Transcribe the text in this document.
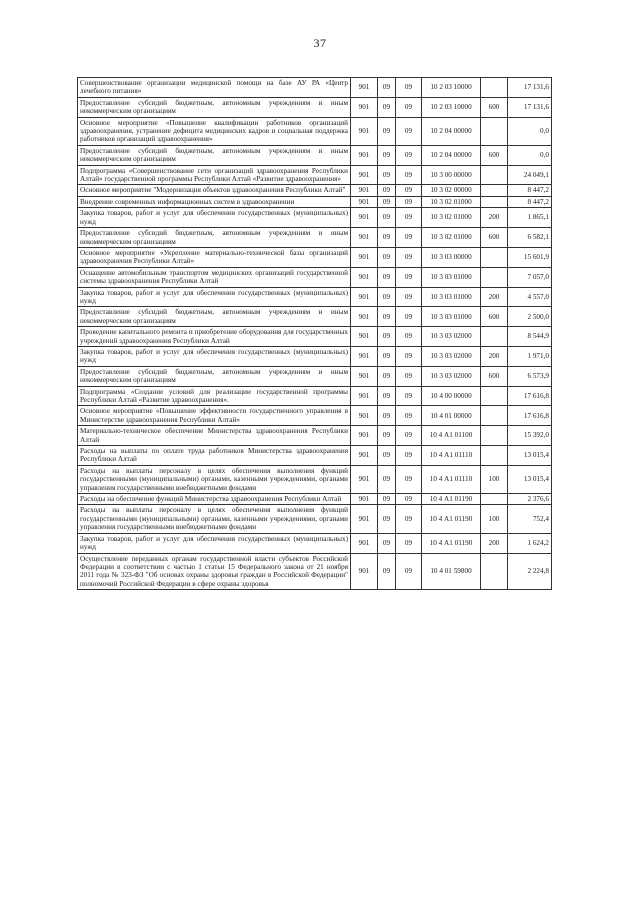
37
Совершенствование организации медицинской помощи на базе АУ РА «Центр лечебного питания»	901	09	09	10 2 03 10000		17 131,6
Предоставление субсидий бюджетным, автономным учреждениям и иным некоммерческим организациям	901	09	09	10 2 03 10000	600	17 131,6
Основное мероприятие «Повышение квалификации работников организаций здравоохранения, устранение дефицита медицинских кадров и социальная поддержка работников организаций здравоохранения»	901	09	09	10 2 04 00000		0,0
Предоставление субсидий бюджетным, автономным учреждениям и иным некоммерческим организациям	901	09	09	10 2 04 00000	600	0,0
Подпрограмма «Совершенствование сети организаций здравоохранения Республики Алтай» государственной программы Республики Алтай «Развитие здравоохранения»	901	09	09	10 3 00 00000		24 049,1
Основное мероприятие "Модернизация объектов здравоохранения Республики Алтай"	901	09	09	10 3 02 00000		8 447,2
Внедрение современных информационных систем в здравоохранении	901	09	09	10 3 02 01000		8 447,2
Закупка товаров, работ и услуг для обеспечения государственных (муниципальных) нужд	901	09	09	10 3 02 01000	200	1 865,1
Предоставление субсидий бюджетным, автономным учреждениям и иным некоммерческим организациям	901	09	09	10 3 02 01000	600	6 582,1
Основное мероприятие «Укрепление материально-технической базы организаций здравоохранения Республики Алтай»	901	09	09	10 3 03 00000		15 601,9
Оснащение автомобильным транспортом медицинских организаций государственной системы здравоохранения Республики Алтай	901	09	09	10 3 03 01000		7 057,0
Закупка товаров, работ и услуг для обеспечения государственных (муниципальных) нужд	901	09	09	10 3 03 01000	200	4 557,0
Предоставление субсидий бюджетным, автономным учреждениям и иным некоммерческим организациям	901	09	09	10 3 03 01000	600	2 500,0
Проведение капитального ремонта и приобретение оборудования для государственных учреждений здравоохранения Республики Алтай	901	09	09	10 3 03 02000		8 544,9
Закупка товаров, работ и услуг для обеспечения государственных (муниципальных) нужд	901	09	09	10 3 03 02000	200	1 971,0
Предоставление субсидий бюджетным, автономным учреждениям и иным некоммерческим организациям	901	09	09	10 3 03 02000	600	6 573,9
Подпрограмма «Создание условий для реализации государственной программы Республики Алтай «Развитие здравоохранения».	901	09	09	10 4 00 00000		17 616,8
Основное мероприятие «Повышение эффективности государственного управления в Министерстве здравоохранения Республики Алтай»	901	09	09	10 4 01 00000		17 616,8
Материально-техническое обеспечение Министерства здравоохранения Республики Алтай	901	09	09	10 4 А1 01100		15 392,0
Расходы на выплаты по оплате труда работников Министерства здравоохранения Республики Алтай	901	09	09	10 4 А1 01110		13 015,4
Расходы на выплаты персоналу в целях обеспечения выполнения функций государственными (муниципальными) органами, казенными учреждениями, органами управления государственными внебюджетными фондами	901	09	09	10 4 А1 01110	100	13 015,4
Расходы на обеспечение функций Министерства здравоохранения Республики Алтай	901	09	09	10 4 А1 01190		2 376,6
Расходы на выплаты персоналу в целях обеспечения выполнения функций государственными (муниципальными) органами, казенными учреждениями, органами управления государственными внебюджетными фондами	901	09	09	10 4 А1 01190	100	752,4
Закупка товаров, работ и услуг для обеспечения государственных (муниципальных) нужд	901	09	09	10 4 А1 01190	200	1 624,2
Осуществление переданных органам государственной власти субъектов Российской Федерации в соответствии с частью 1 статьи 15 Федерального закона от 21 ноября 2011 года № 323-ФЗ "Об основах охраны здоровья граждан в Российской Федерации" полномочий Российской Федерации в сфере охраны здоровья	901	09	09	10 4 01 59800		2 224,8
